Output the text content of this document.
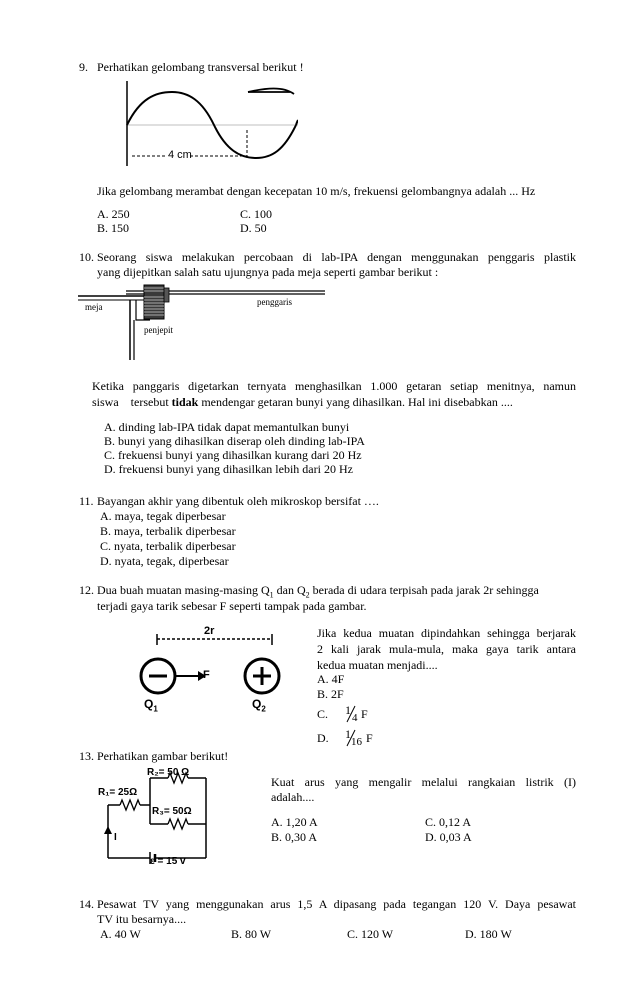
9. Perhatikan gelombang transversal berikut !
4 cm
Jika gelombang merambat dengan kecepatan 10 m/s, frekuensi gelombangnya adalah ... Hz
A. 250
B. 150
C. 100
D. 50
10. Seorang siswa melakukan percobaan di lab-IPA dengan menggunakan penggaris plastik
yang dijepitkan salah satu ujungnya pada meja seperti gambar berikut :
meja	penggaris
penjepit
Ketika panggaris digetarkan ternyata menghasilkan 1.000 getaran setiap menitnya, namun
siswa    tersebut tidak mendengar getaran bunyi yang dihasilkan. Hal ini disebabkan ....
A. dinding lab-IPA tidak dapat memantulkan bunyi
B. bunyi yang dihasilkan diserap oleh dinding lab-IPA
C. frekuensi bunyi yang dihasilkan kurang dari 20 Hz
D. frekuensi bunyi yang dihasilkan lebih dari 20 Hz
11. Bayangan akhir yang dibentuk oleh mikroskop bersifat ….
A. maya, tegak diperbesar
B. maya, terbalik diperbesar
C. nyata, terbalik diperbesar
D. nyata, tegak, diperbesar
12. Dua buah muatan masing-masing $Q_1$ dan $Q_2$ berada di udara terpisah pada jarak 2r sehingga
terjadi gaya tarik sebesar F seperti tampak pada gambar.
2r
F
$Q_1$	$Q_2$
Jika kedua muatan dipindahkan sehingga berjarak
2 kali jarak mula-mula, maka gaya tarik antara
kedua muatan menjadi....
A. 4F
B. 2F
C. 1
4 F
D. 1
16 F
13. Perhatikan gambar berikut!
R₂= 50 Ω
R₁= 25Ω
R₃= 50Ω
I
ε = 15 v
Kuat arus yang mengalir melalui rangkaian listrik (I)
adalah....
A. 1,20 A
B. 0,30 A
C. 0,12 A
D. 0,03 A
14. Pesawat TV yang menggunakan arus 1,5 A dipasang pada tegangan 120 V. Daya pesawat
TV itu besarnya....
A. 40 W	B. 80 W	C. 120 W	D. 180 W
